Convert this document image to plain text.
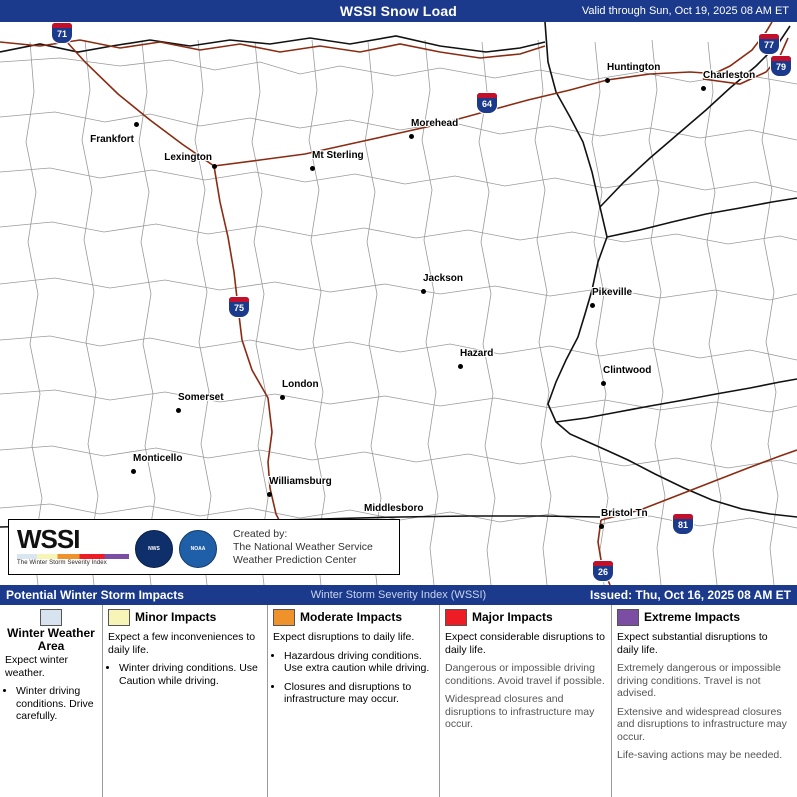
WSSI Snow Load	Valid through Sun, Oct 19, 2025 08 AM ET
Frankfort
Lexington	Mt Sterling
Morehead
Huntington
Charleston
Jackson
Pikeville
Hazard
Clintwood
London
Somerset
Monticello
Williamsburg
Middlesboro	Bristol Tn
71
77
79
64
75
81
26
WSSI
The Winter Storm Severity Index
NWS	NOAA
Created by:
The National Weather Service
Weather Prediction Center
Potential Winter Storm Impacts	Winter Storm Severity Index (WSSI)	Issued: Thu, Oct 16, 2025 08 AM ET
Winter Weather Area

Expect winter weather.

• Winter driving conditions. Drive carefully.
Minor Impacts

Expect a few inconveniences to daily life.

• Winter driving conditions. Use Caution while driving.
Moderate Impacts

Expect disruptions to daily life.

• Hazardous driving conditions. Use extra caution while driving.
• Closures and disruptions to infrastructure may occur.
Major Impacts

Expect considerable disruptions to daily life.

Dangerous or impossible driving conditions. Avoid travel if possible.

Widespread closures and disruptions to infrastructure may occur.

Extreme Impacts

Expect substantial disruptions to daily life.

Extremely dangerous or impossible driving conditions. Travel is not advised.

Extensive and widespread closures and disruptions to infrastructure may occur.

Life-saving actions may be needed.
